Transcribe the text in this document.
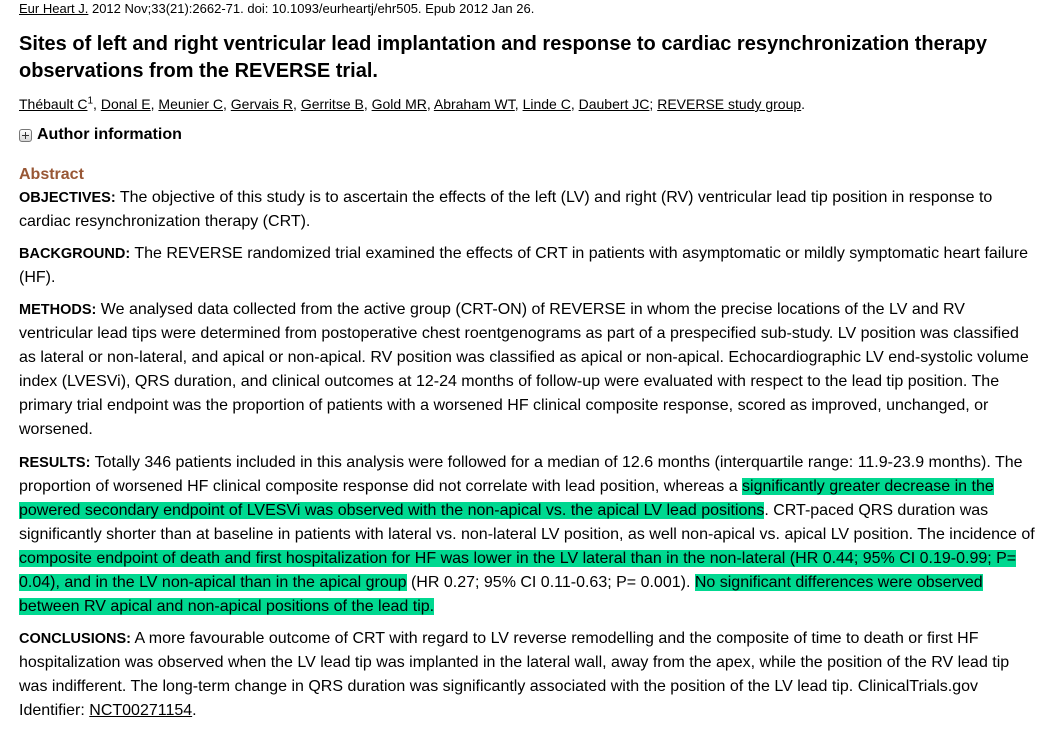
Eur Heart J. 2012 Nov;33(21):2662-71. doi: 10.1093/eurheartj/ehr505. Epub 2012 Jan 26.
Sites of left and right ventricular lead implantation and response to cardiac resynchronization therapy observations from the REVERSE trial.
Thébault $C^1$, Donal E, Meunier C, Gervais R, Gerritse B, Gold MR, Abraham WT, Linde C, Daubert JC; REVERSE study group.
Author information
Abstract

OBJECTIVES: The objective of this study is to ascertain the effects of the left (LV) and right (RV) ventricular lead tip position in response to cardiac resynchronization therapy (CRT).

BACKGROUND: The REVERSE randomized trial examined the effects of CRT in patients with asymptomatic or mildly symptomatic heart failure (HF).

METHODS: We analysed data collected from the active group (CRT-ON) of REVERSE in whom the precise locations of the LV and RV ventricular lead tips were determined from postoperative chest roentgenograms as part of a prespecified sub-study. LV position was classified as lateral or non-lateral, and apical or non-apical. RV position was classified as apical or non-apical. Echocardiographic LV end-systolic volume index (LVESVi), QRS duration, and clinical outcomes at 12-24 months of follow-up were evaluated with respect to the lead tip position. The primary trial endpoint was the proportion of patients with a worsened HF clinical composite response, scored as improved, unchanged, or worsened.

RESULTS: Totally 346 patients included in this analysis were followed for a median of 12.6 months (interquartile range: 11.9-23.9 months). The proportion of worsened HF clinical composite response did not correlate with lead position, whereas a significantly greater decrease in the powered secondary endpoint of LVESVi was observed with the non-apical vs. the apical LV lead positions. CRT-paced QRS duration was significantly shorter than at baseline in patients with lateral vs. non-lateral LV position, as well non-apical vs. apical LV position. The incidence of composite endpoint of death and first hospitalization for HF was lower in the LV lateral than in the non-lateral (HR 0.44; 95% CI 0.19-0.99; P= 0.04), and in the LV non-apical than in the apical group (HR 0.27; 95% CI 0.11-0.63; P= 0.001). No significant differences were observed between RV apical and non-apical positions of the lead tip.

CONCLUSIONS: A more favourable outcome of CRT with regard to LV reverse remodelling and the composite of time to death or first HF hospitalization was observed when the LV lead tip was implanted in the lateral wall, away from the apex, while the position of the RV lead tip was indifferent. The long-term change in QRS duration was significantly associated with the position of the LV lead tip. ClinicalTrials.gov Identifier: NCT00271154.
